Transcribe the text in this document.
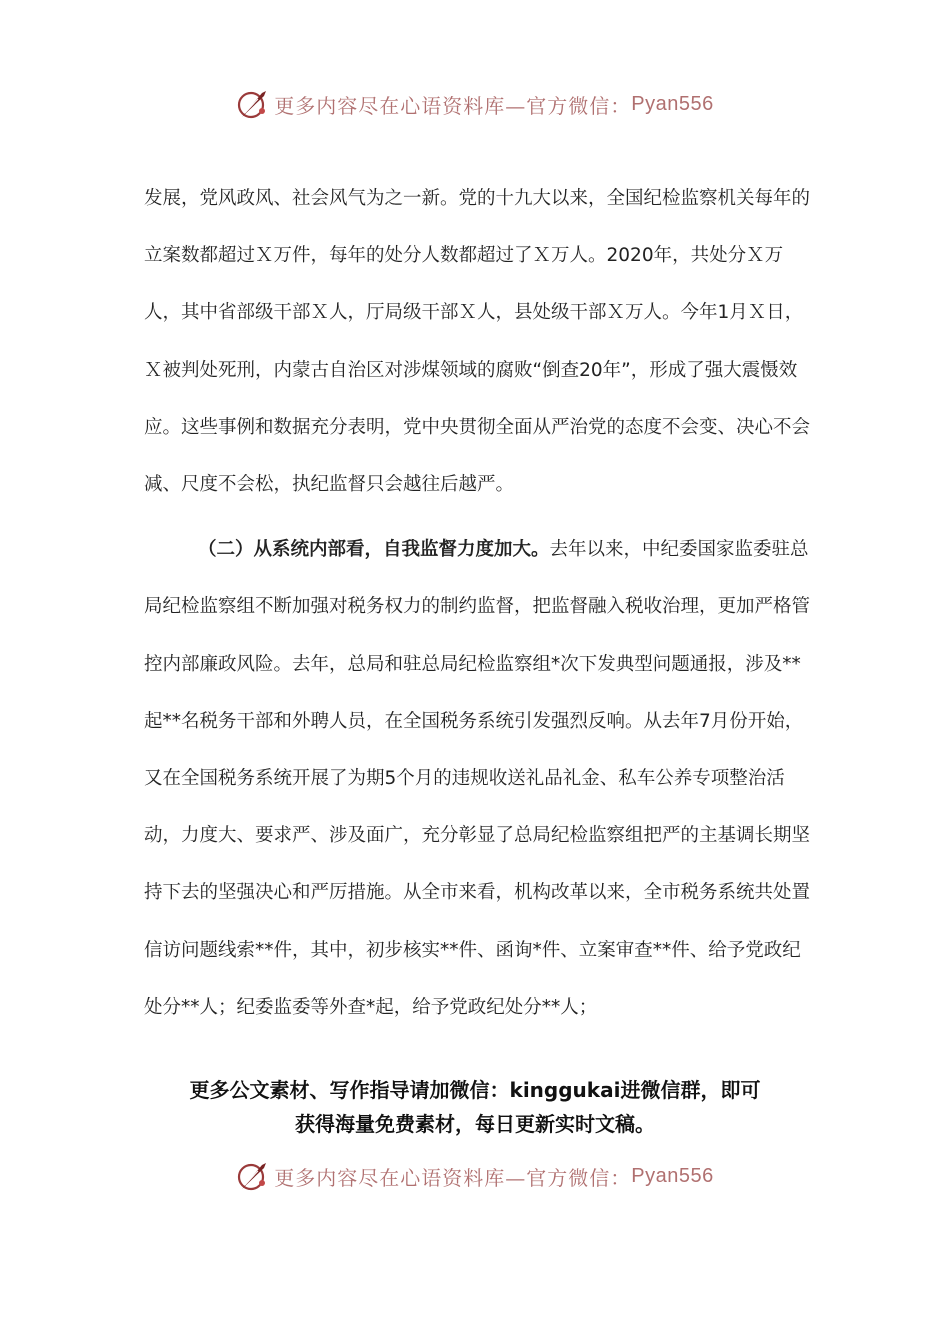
更多内容尽在心语资料库—官方微信： Pyan556

发展，党风政风、社会风气为之一新。党的十九大以来，全国纪检监察机关每年的立案数都超过Ｘ万件，每年的处分人数都超过了Ｘ万人。2020年，共处分Ｘ万人，其中省部级干部Ｘ人，厅局级干部Ｘ人，县处级干部Ｘ万人。今年1月Ｘ日，Ｘ被判处死刑，内蒙古自治区对涉煤领域的腐败“倒查20年”，形成了强大震慑效应。这些事例和数据充分表明，党中央贯彻全面从严治党的态度不会变、决心不会减、尺度不会松，执纪监督只会越往后越严。

（二）从系统内部看，自我监督力度加大。去年以来，中纪委国家监委驻总局纪检监察组不断加强对税务权力的制约监督，把监督融入税收治理，更加严格管控内部廉政风险。去年，总局和驻总局纪检监察组*次下发典型问题通报，涉及**起**名税务干部和外聘人员，在全国税务系统引发强烈反响。从去年7月份开始，又在全国税务系统开展了为期5个月的违规收送礼品礼金、私车公养专项整治活动，力度大、要求严、涉及面广，充分彰显了总局纪检监察组把严的主基调长期坚持下去的坚强决心和严厉措施。从全市来看，机构改革以来，全市税务系统共处置信访问题线索**件，其中，初步核实**件、函询*件、立案审查**件、给予党政纪处分**人；纪委监委等外查*起，给予党政纪处分**人；

更多公文素材、写作指导请加微信：kinggukai进微信群，即可
获得海量免费素材，每日更新实时文稿。
更多内容尽在心语资料库—官方微信： Pyan556
